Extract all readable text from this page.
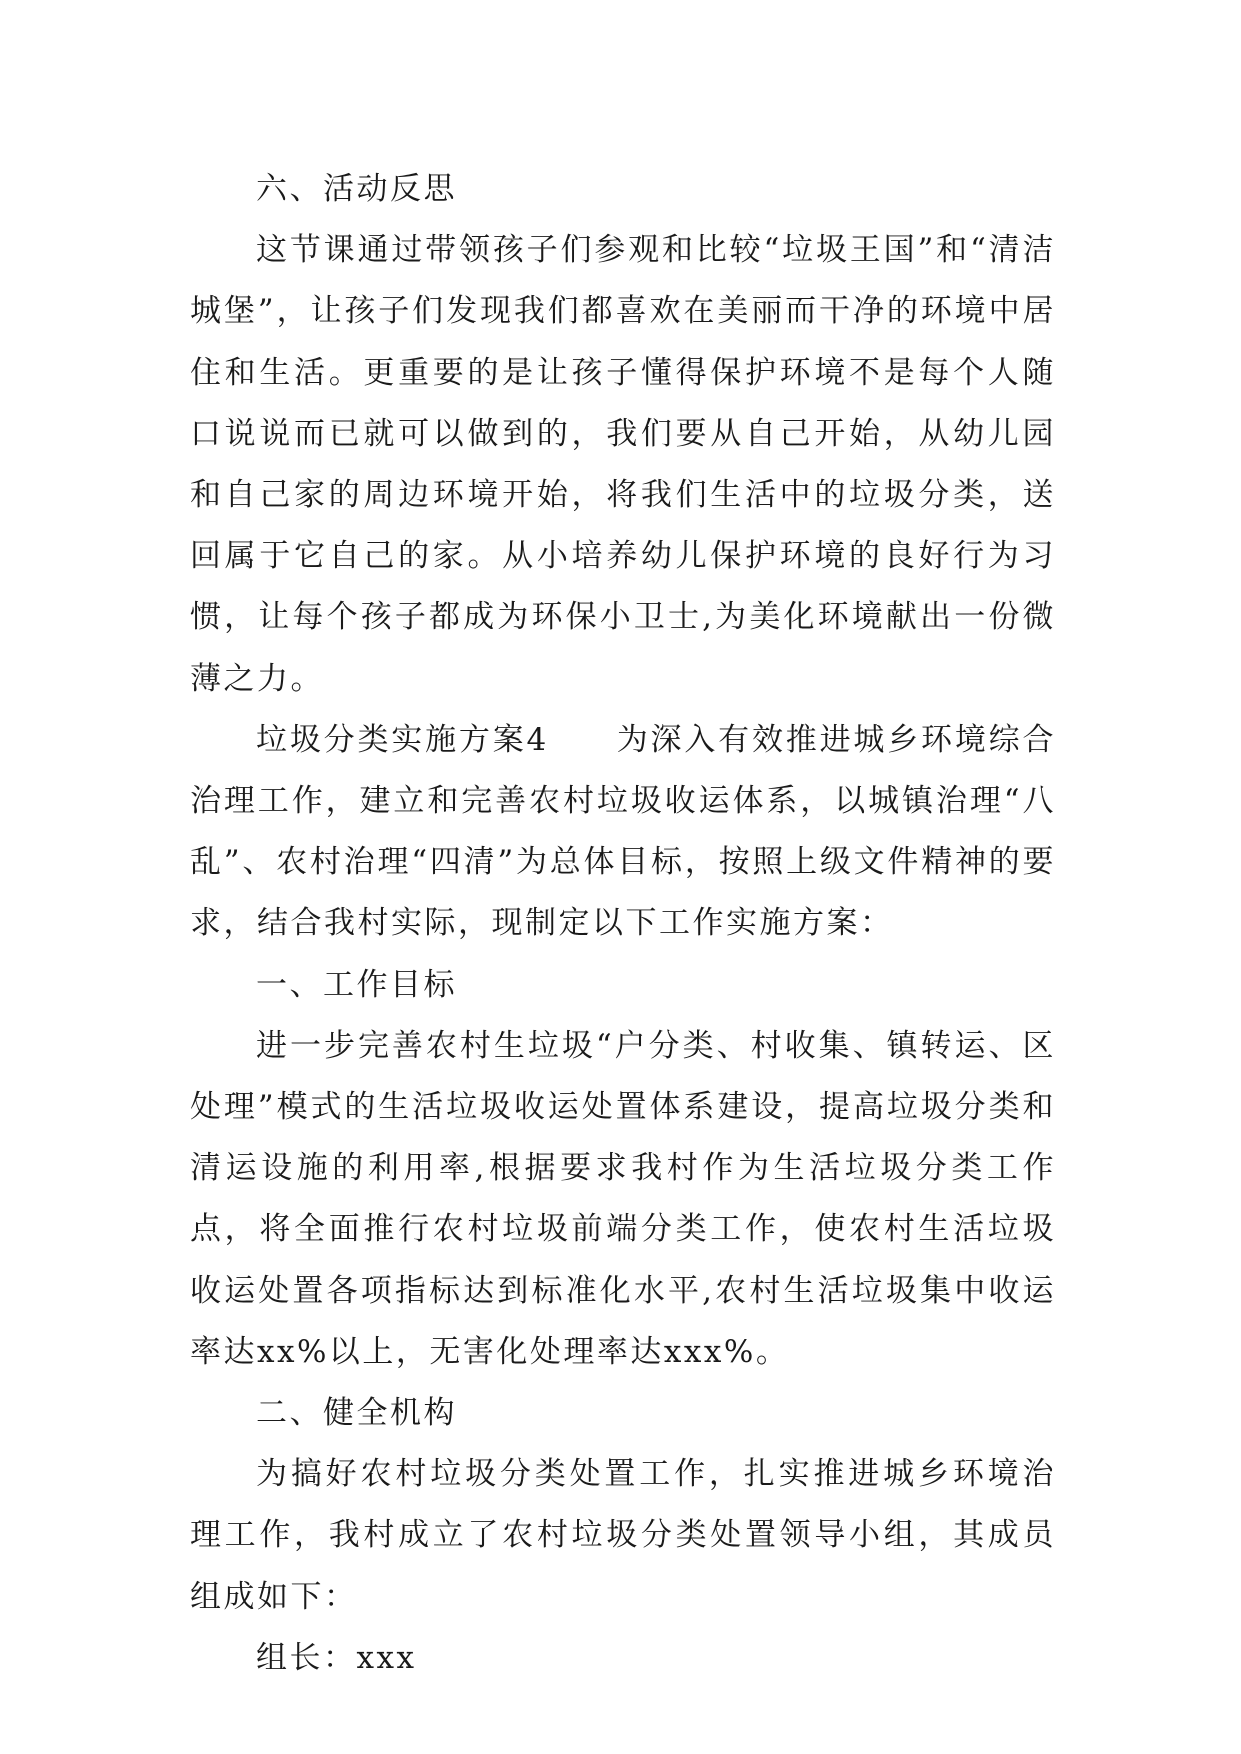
六、活动反思

这节课通过带领孩子们参观和比较“垃圾王国”和“清洁城堡”，让孩子们发现我们都喜欢在美丽而干净的环境中居住和生活。更重要的是让孩子懂得保护环境不是每个人随口说说而已就可以做到的，我们要从自己开始，从幼儿园和自己家的周边环境开始，将我们生活中的垃圾分类，送回属于它自己的家。从小培养幼儿保护环境的良好行为习惯，让每个孩子都成为环保小卫士,为美化环境献出一份微薄之力。

垃圾分类实施方案4　　为深入有效推进城乡环境综合治理工作，建立和完善农村垃圾收运体系，以城镇治理“八乱”、农村治理“四清”为总体目标，按照上级文件精神的要求，结合我村实际，现制定以下工作实施方案：

一、工作目标

进一步完善农村生垃圾“户分类、村收集、镇转运、区处理”模式的生活垃圾收运处置体系建设，提高垃圾分类和清运设施的利用率,根据要求我村作为生活垃圾分类工作点，将全面推行农村垃圾前端分类工作，使农村生活垃圾收运处置各项指标达到标准化水平,农村生活垃圾集中收运率达xx%以上，无害化处理率达xxx%。

二、健全机构

为搞好农村垃圾分类处置工作，扎实推进城乡环境治理工作，我村成立了农村垃圾分类处置领导小组，其成员组成如下：

组长：xxx
